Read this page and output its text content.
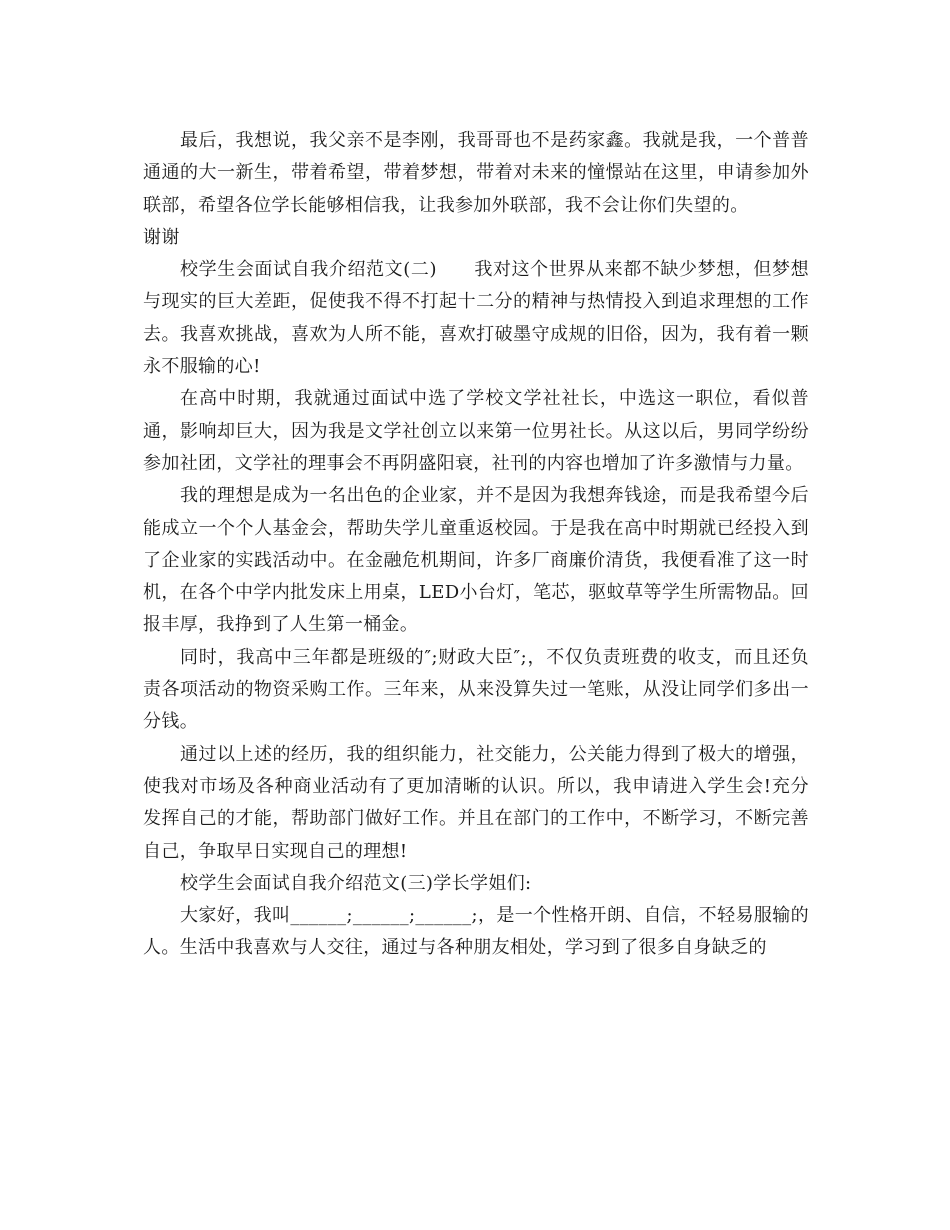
最后，我想说，我父亲不是李刚，我哥哥也不是药家鑫。我就是我，一个普普通通的大一新生，带着希望，带着梦想，带着对未来的憧憬站在这里，申请参加外联部，希望各位学长能够相信我，让我参加外联部，我不会让你们失望的。

谢谢

校学生会面试自我介绍范文(二)　　我对这个世界从来都不缺少梦想，但梦想与现实的巨大差距，促使我不得不打起十二分的精神与热情投入到追求理想的工作去。我喜欢挑战，喜欢为人所不能，喜欢打破墨守成规的旧俗，因为，我有着一颗永不服输的心!

在高中时期，我就通过面试中选了学校文学社社长，中选这一职位，看似普通，影响却巨大，因为我是文学社创立以来第一位男社长。从这以后，男同学纷纷参加社团，文学社的理事会不再阴盛阳衰，社刊的内容也增加了许多激情与力量。

我的理想是成为一名出色的企业家，并不是因为我想奔钱途，而是我希望今后能成立一个个人基金会，帮助失学儿童重返校园。于是我在高中时期就已经投入到了企业家的实践活动中。在金融危机期间，许多厂商廉价清货，我便看准了这一时机，在各个中学内批发床上用桌，LED小台灯，笔芯，驱蚊草等学生所需物品。回报丰厚，我挣到了人生第一桶金。

同时，我高中三年都是班级的″;财政大臣″;，不仅负责班费的收支，而且还负责各项活动的物资采购工作。三年来，从来没算失过一笔账，从没让同学们多出一分钱。

通过以上述的经历，我的组织能力，社交能力，公关能力得到了极大的增强，使我对市场及各种商业活动有了更加清晰的认识。所以，我申请进入学生会!充分发挥自己的才能，帮助部门做好工作。并且在部门的工作中，不断学习，不断完善自己，争取早日实现自己的理想!

校学生会面试自我介绍范文(三)学长学姐们:

大家好，我叫______;______;______;，是一个性格开朗、自信，不轻易服输的人。生活中我喜欢与人交往，通过与各种朋友相处，学习到了很多自身缺乏的
